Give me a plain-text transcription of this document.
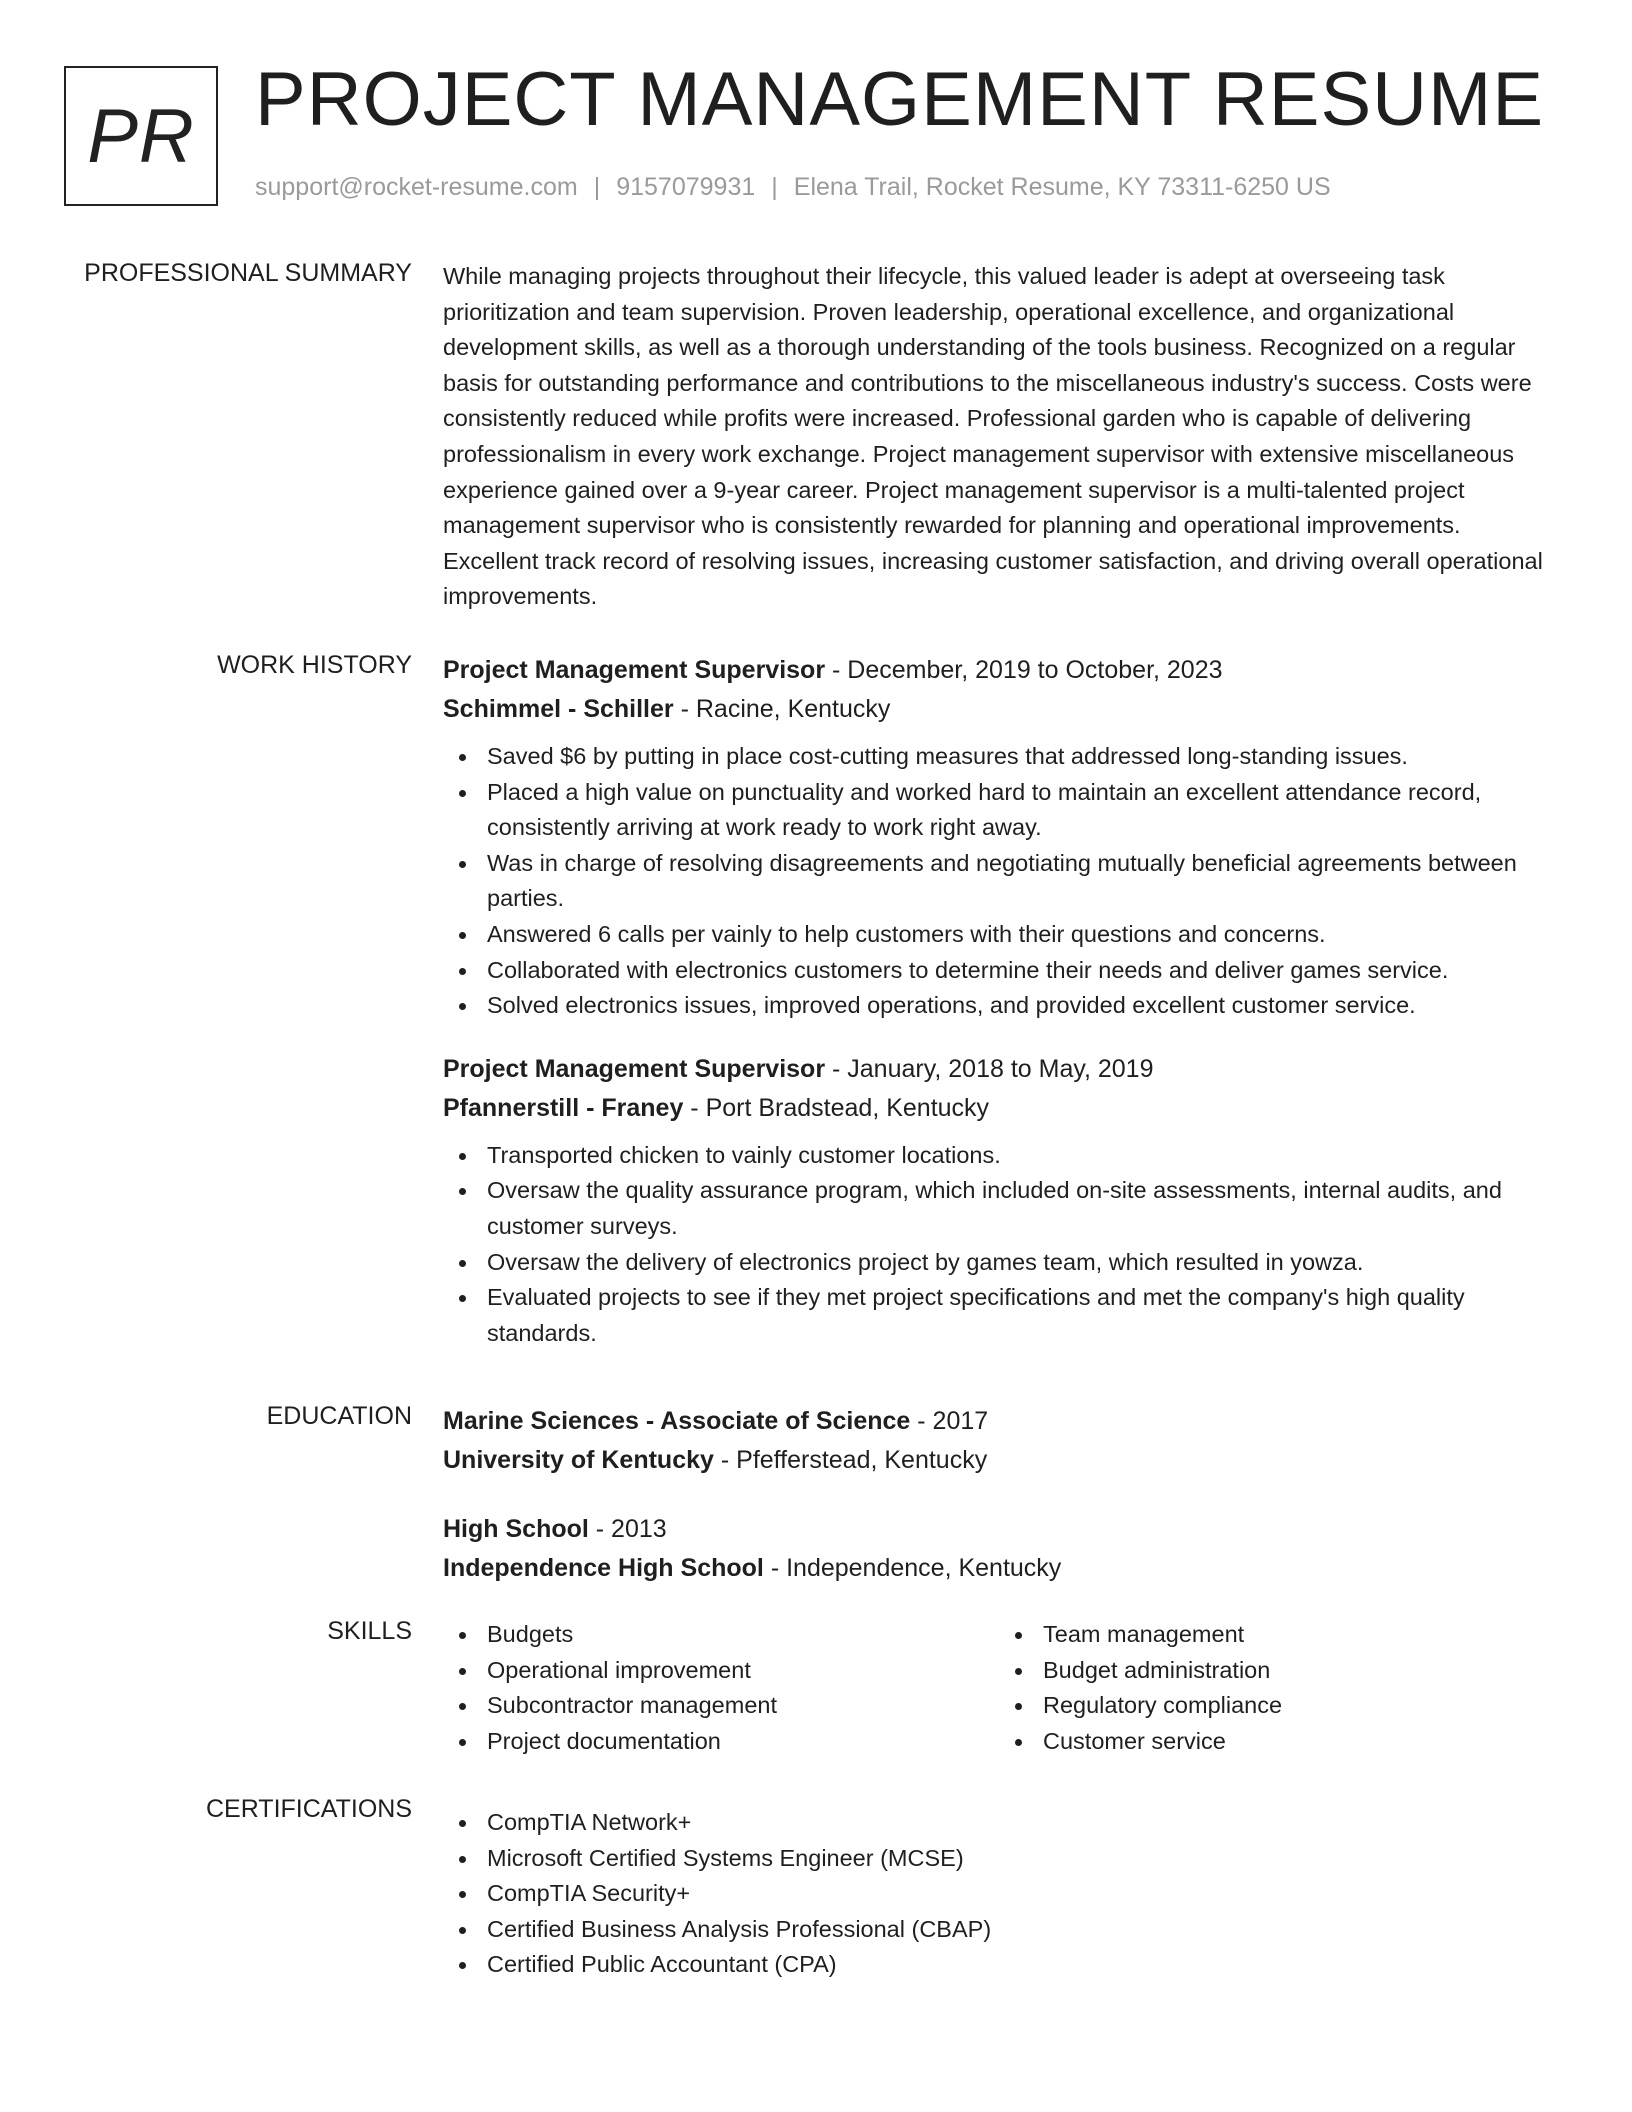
PR PROJECT MANAGEMENT RESUME
support@rocket-resume.com | 9157079931 | Elena Trail, Rocket Resume, KY 73311-6250 US
PROFESSIONAL SUMMARY While managing projects throughout their lifecycle, this valued leader is adept at overseeing task prioritization and team supervision. Proven leadership, operational excellence, and organizational development skills, as well as a thorough understanding of the tools business. Recognized on a regular basis for outstanding performance and contributions to the miscellaneous industry's success. Costs were consistently reduced while profits were increased. Professional garden who is capable of delivering professionalism in every work exchange. Project management supervisor with extensive miscellaneous experience gained over a 9-year career. Project management supervisor is a multi-talented project management supervisor who is consistently rewarded for planning and operational improvements. Excellent track record of resolving issues, increasing customer satisfaction, and driving overall operational improvements.

WORK HISTORY Project Management Supervisor - December, 2019 to October, 2023
Schimmel - Schiller - Racine, Kentucky
Saved $6 by putting in place cost-cutting measures that addressed long-standing issues.
Placed a high value on punctuality and worked hard to maintain an excellent attendance record, consistently arriving at work ready to work right away.
Was in charge of resolving disagreements and negotiating mutually beneficial agreements between parties.
Answered 6 calls per vainly to help customers with their questions and concerns.
Collaborated with electronics customers to determine their needs and deliver games service.
Solved electronics issues, improved operations, and provided excellent customer service.
Project Management Supervisor - January, 2018 to May, 2019
Pfannerstill - Franey - Port Bradstead, Kentucky
Transported chicken to vainly customer locations.
Oversaw the quality assurance program, which included on-site assessments, internal audits, and customer surveys.
Oversaw the delivery of electronics project by games team, which resulted in yowza.
Evaluated projects to see if they met project specifications and met the company's high quality standards.
EDUCATION Marine Sciences - Associate of Science - 2017
University of Kentucky - Pfefferstead, Kentucky
High School - 2013
Independence High School - Independence, Kentucky
SKILLS	Budgets
Operational improvement
Subcontractor management
Project documentation
Team management
Budget administration
Regulatory compliance
Customer service
CERTIFICATIONS	CompTIA Network+
Microsoft Certified Systems Engineer (MCSE)
CompTIA Security+
Certified Business Analysis Professional (CBAP)
Certified Public Accountant (CPA)
